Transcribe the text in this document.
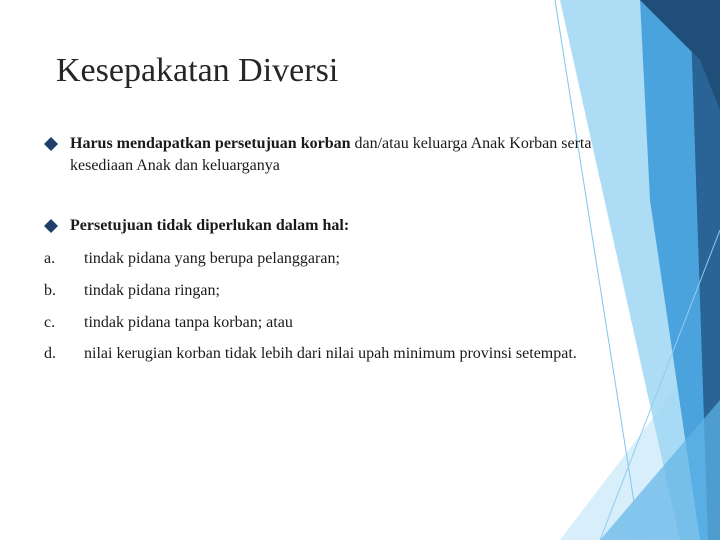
Kesepakatan Diversi
Harus mendapatkan persetujuan korban dan/atau keluarga Anak Korban serta
kesediaan Anak dan keluarganya
Persetujuan tidak diperlukan dalam hal:
a. tindak pidana yang berupa pelanggaran;
b. tindak pidana ringan;
c. tindak pidana tanpa korban; atau
d. nilai kerugian korban tidak lebih dari nilai upah minimum provinsi setempat.
